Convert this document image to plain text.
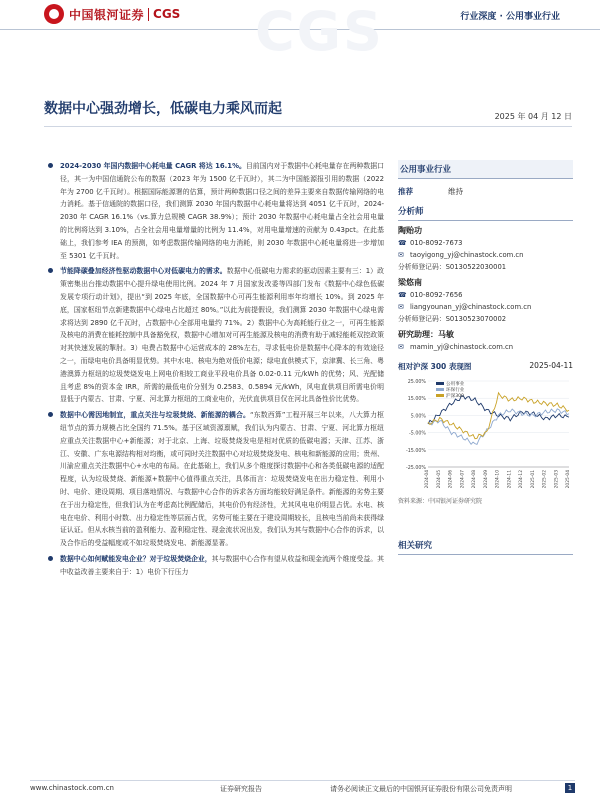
CGS
中国银河证券 CGS	行业深度 · 公用事业行业
数据中心强劲增长，低碳电力乘风而起	2025 年 04 月 12 日
2024-2030 年国内数据中心耗电量 CAGR 将达 16.1%。目前国内对于数据中心耗电量存在两种数据口径，其一为中国信通院公布的数据（2023 年为 1500 亿千瓦时），其二为中国能源报引用的数据（2022 年为 2700 亿千瓦时）。根据国际能源署的估算，预计两种数据口径之间的差异主要来自数据传输网络的电力消耗。基于信通院的数据口径，我们测算 2030 年国内数据中心耗电量将达到 4051 亿千瓦时，2024-2030 年 CAGR 16.1%（vs.算力总规模 CAGR 38.9%）；预计 2030 年数据中心耗电量占全社会用电量的比例将达到 3.10%，占全社会用电量增量的比例为 11.4%，对用电量增速的贡献为 0.43pct。在此基础上，我们参考 IEA 的预测，如考虑数据传输网络的电力消耗，则 2030 年数据中心耗电量将进一步增加至 5301 亿千瓦时。
节能降碳叠加经济性驱动数据中心对低碳电力的需求。数据中心低碳电力需求的驱动因素主要有三：1）政策密集出台推动数据中心提升绿电使用比例。2024 年 7 月国家发改委等四部门发布《数据中心绿色低碳发展专项行动计划》，提出“到 2025 年底，全国数据中心可再生能源利用率年均增长 10%。到 2025 年底，国家枢纽节点新建数据中心绿电占比超过 80%。”以此为前提假设，我们测算 2030 年数据中心绿电需求将达到 2890 亿千瓦时，占数据中心全部用电量约 71%。2）数据中心为高耗能行业之一，可再生能源及核电的消费在能耗控制中具备豁免权，数据中心增加对可再生能源及核电的消费有助于减轻能耗双控政策对其快速发展的掣肘。3）电费占数据中心运营成本的 28%左右，寻求低电价是数据中心降本的有效途径之一，而绿电电价具备明显优势。其中水电、核电为绝对低价电源；绿电直供模式下，京津冀、长三角、粤港澳算力枢纽的垃圾焚烧发电上网电价相较工商业平段电价具备 0.02-0.11 元/kWh 的优势；风、光配储且考虑 8%的资本金 IRR，所需的最低电价分别为 0.2583、0.5894 元/kWh，风电直供项目所需电价明显低于内蒙古、甘肃、宁夏、河北算力枢纽的工商业电价，光伏直供项目仅在河北具备性价比优势。
数据中心需因地制宜，重点关注与垃圾焚烧、新能源的耦合。“东数西算”工程开展三年以来，八大算力枢纽节点的算力规模占比全国约 71.5%。基于区域资源禀赋，我们认为内蒙古、甘肃、宁夏、河北算力枢纽应重点关注数据中心+新能源；对于北京、上海、垃圾焚烧发电是相对优质的低碳电源；天津、江苏、浙江、安徽、广东电源结构相对均衡，或可同时关注数据中心对垃圾焚烧发电、核电和新能源的应用；贵州、川渝应重点关注数据中心+水电的布局。在此基础上，我们从多个维度探讨数据中心和各类低碳电源的适配程度，认为垃圾焚烧、新能源+数据中心值得重点关注，具体而言：垃圾焚烧发电在出力稳定性、利用小时、电价、建设周期、项目落地情况、与数据中心合作的诉求各方面均能较好满足条件。新能源的劣势主要在于出力稳定性，但我们认为在考虑高比例配储后，其电价仍有经济性，尤其风电电价明显占优。水电、核电在电价、利用小时数、出力稳定性等层面占优，劣势可能主要在于建设周期较长，且核电当前尚未获得绿证认证。但从水核当前的盈利能力、盈利稳定性、现金流状况出发，我们认为其与数据中心合作的诉求，以及合作后的受益幅度或不如垃圾焚烧发电、新能源显著。
数据中心如何赋能发电企业？对于垃圾焚烧企业，其与数据中心合作有望从收益和现金流两个维度受益。其中收益改善主要来自于：1）电价下行压力
公用事业行业
推荐	维持
分析师
陶贻功
☎ 010-8092-7673
✉ taoyigong_yj@chinastock.com.cn
分析师登记码：S0130522030001
梁悠南
☎ 010-8092-7656
✉ liangyounan_yj@chinastock.com.cn
分析师登记码：S0130523070002
研究助理：马敏
✉ mamin_yj@chinastock.com.cn
相对沪深 300 表现图	2025-04-11
25.00%
15.00%
5.00%
-5.00%
-15.00%
-25.00%
2024-04 2024-05 2024-06 2024-07 2024-08 2024-09 2024-10 2024-11 2024-12 2025-01 2025-02 2025-03 2025-04
公用事业
环保行业
沪深300
资料来源：中国银河证券研究院
相关研究
www.chinastock.com.cn	证券研究报告	请务必阅读正文最后的中国银河证券股份有限公司免责声明	1
